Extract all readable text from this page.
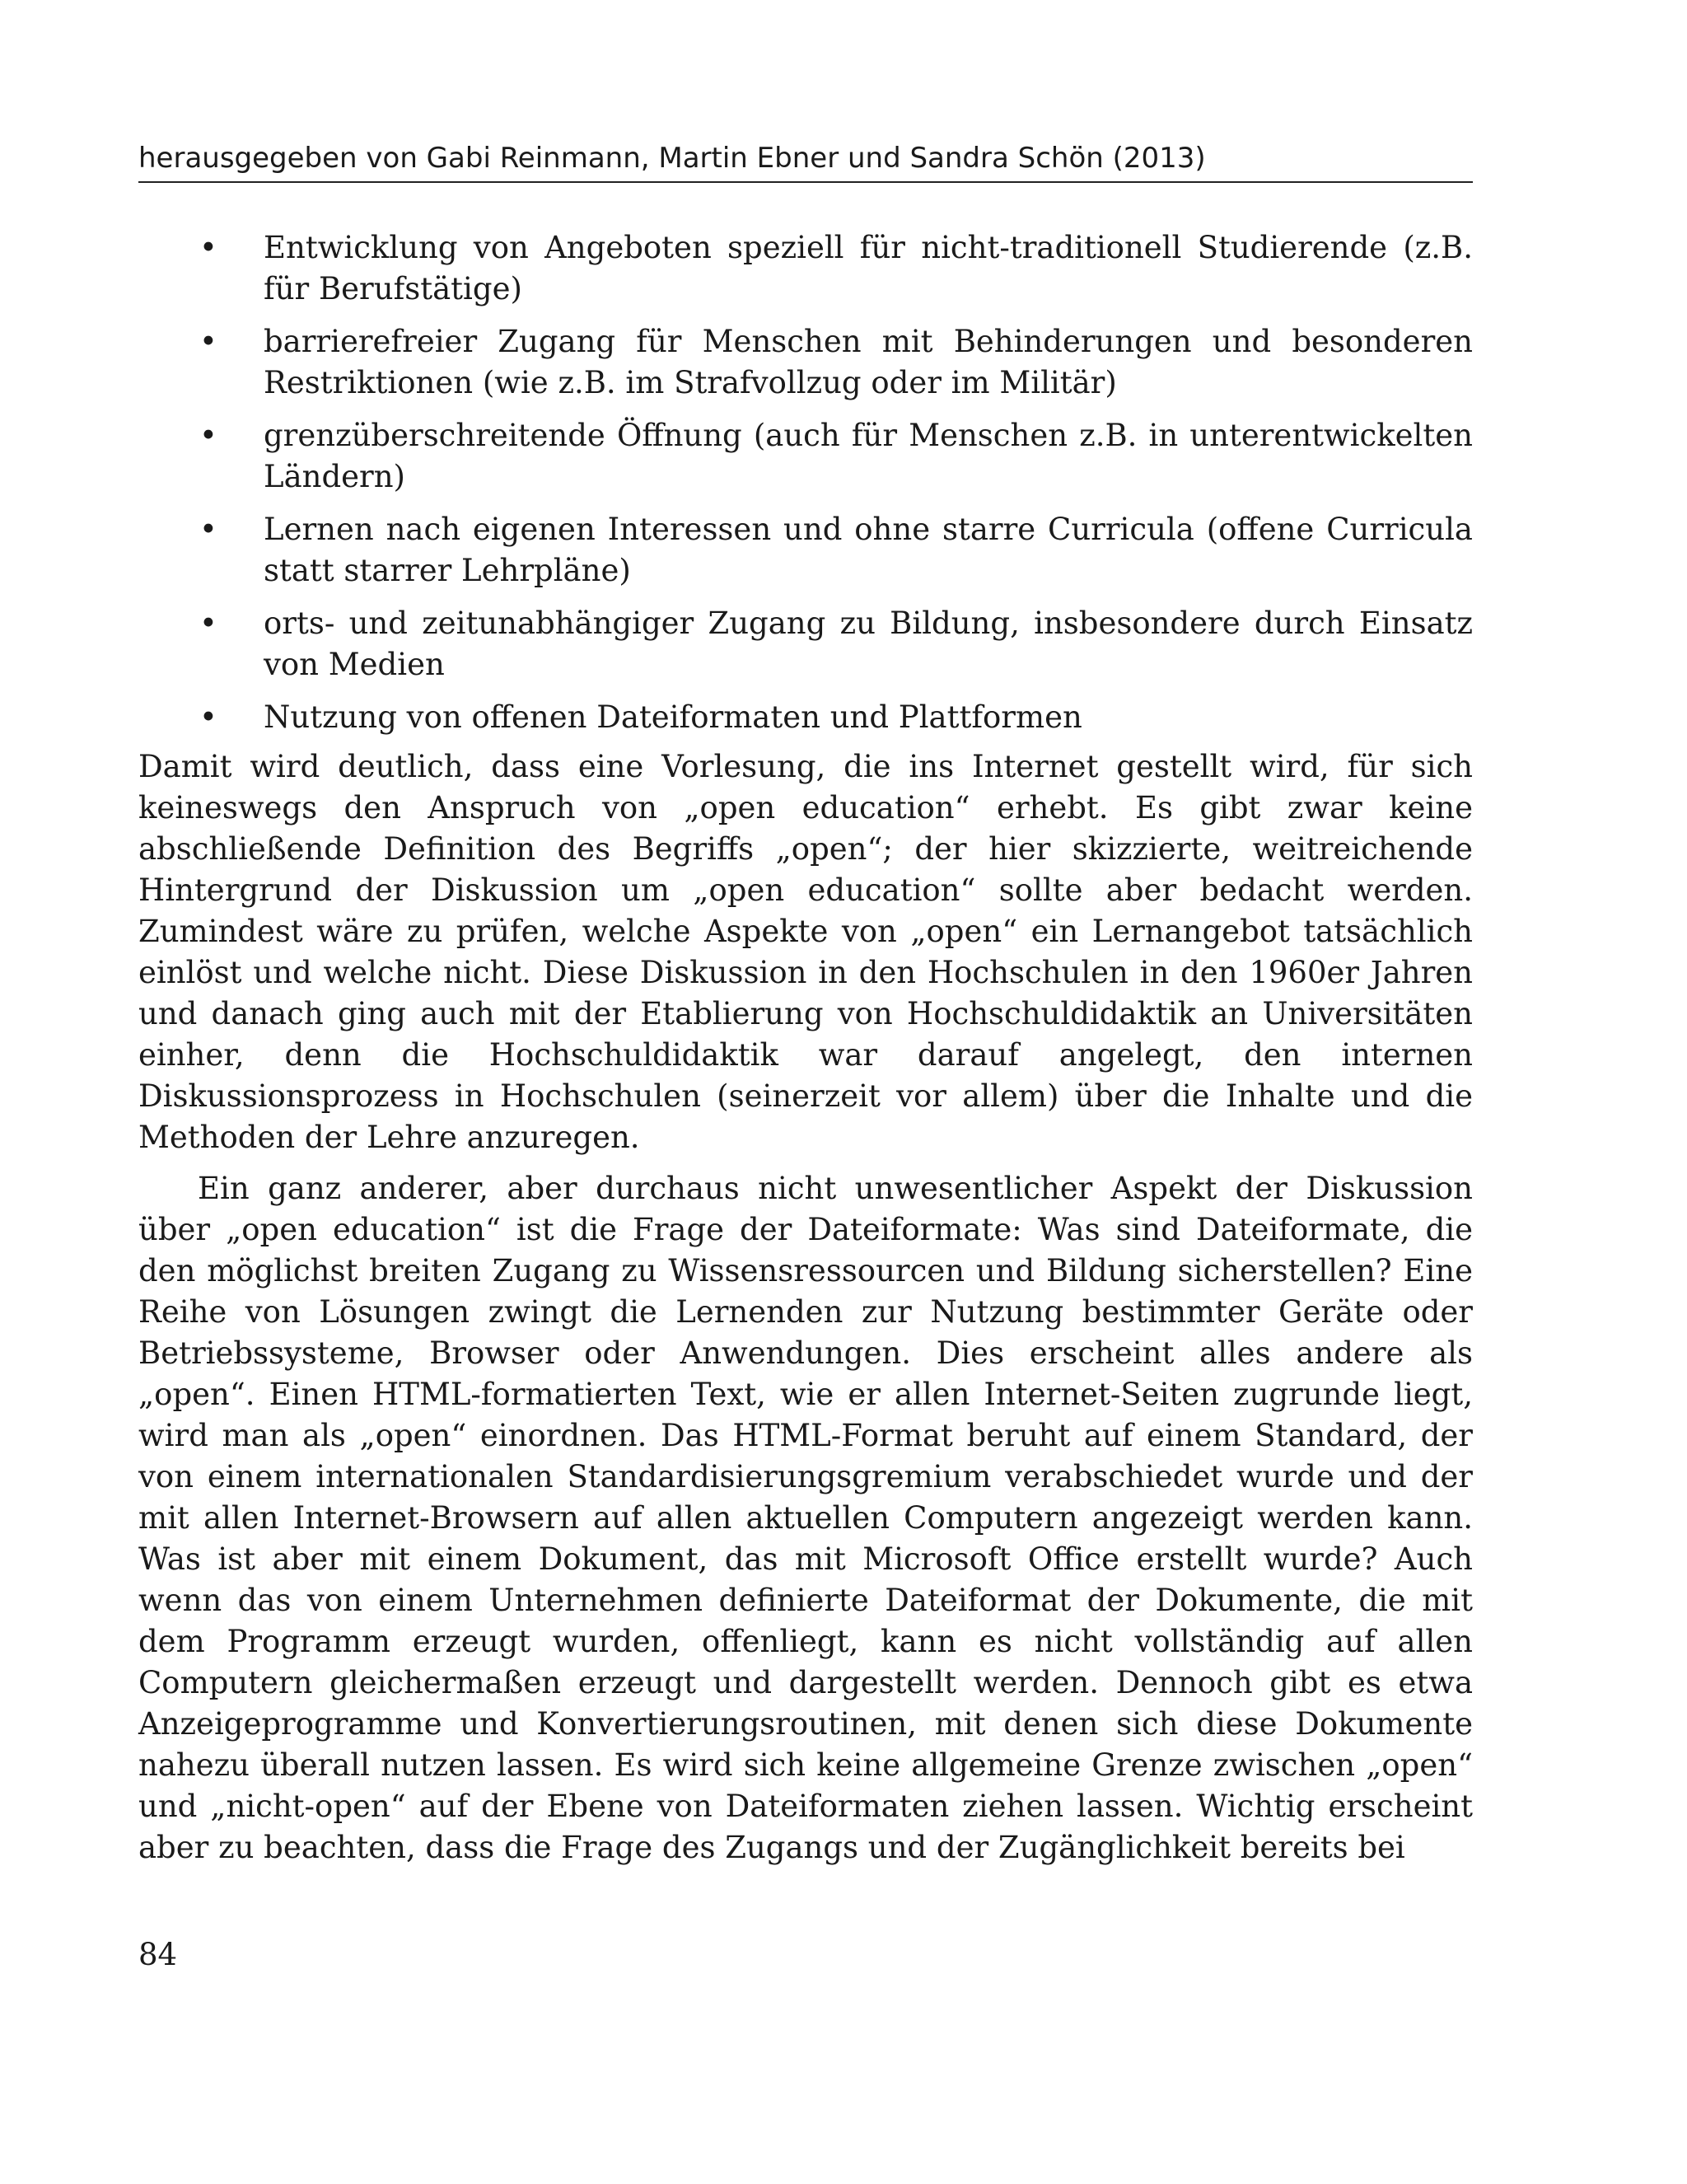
herausgegeben von Gabi Reinmann, Martin Ebner und Sandra Schön (2013)
• Entwicklung von Angeboten speziell für nicht-traditionell Studierende (z.B. für Berufstätige)
• barrierefreier Zugang für Menschen mit Behinderungen und besonderen Restriktionen (wie z.B. im Strafvollzug oder im Militär)
• grenzüberschreitende Öffnung (auch für Menschen z.B. in unterentwickelten Ländern)
• Lernen nach eigenen Interessen und ohne starre Curricula (offene Curricula statt starrer Lehrpläne)
• orts- und zeitunabhängiger Zugang zu Bildung, insbesondere durch Einsatz von Medien
• Nutzung von offenen Dateiformaten und Plattformen

Damit wird deutlich, dass eine Vorlesung, die ins Internet gestellt wird, für sich keineswegs den Anspruch von „open education“ erhebt. Es gibt zwar keine abschließende Definition des Begriffs „open“; der hier skizzierte, weitreichende Hintergrund der Diskussion um „open education“ sollte aber bedacht werden. Zumindest wäre zu prüfen, welche Aspekte von „open“ ein Lernangebot tatsächlich einlöst und welche nicht. Diese Diskussion in den Hochschulen in den 1960er Jahren und danach ging auch mit der Etablierung von Hochschuldidaktik an Universitäten einher, denn die Hochschuldidaktik war darauf angelegt, den internen Diskussionsprozess in Hochschulen (seinerzeit vor allem) über die Inhalte und die Methoden der Lehre anzuregen.

Ein ganz anderer, aber durchaus nicht unwesentlicher Aspekt der Diskussion über „open education“ ist die Frage der Dateiformate: Was sind Dateiformate, die den möglichst breiten Zugang zu Wissensressourcen und Bildung sicherstellen? Eine Reihe von Lösungen zwingt die Lernenden zur Nutzung bestimmter Geräte oder Betriebssysteme, Browser oder Anwendungen. Dies erscheint alles andere als „open“. Einen HTML-formatierten Text, wie er allen Internet-Seiten zugrunde liegt, wird man als „open“ einordnen. Das HTML-Format beruht auf einem Standard, der von einem internationalen Standardisierungsgremium verabschiedet wurde und der mit allen Internet-Browsern auf allen aktuellen Computern angezeigt werden kann. Was ist aber mit einem Dokument, das mit Microsoft Office erstellt wurde? Auch wenn das von einem Unternehmen definierte Dateiformat der Dokumente, die mit dem Programm erzeugt wurden, offenliegt, kann es nicht vollständig auf allen Computern gleichermaßen erzeugt und dargestellt werden. Dennoch gibt es etwa Anzeigeprogramme und Konvertierungsroutinen, mit denen sich diese Dokumente nahezu überall nutzen lassen. Es wird sich keine allgemeine Grenze zwischen „open“ und „nicht-open“ auf der Ebene von Dateiformaten ziehen lassen. Wichtig erscheint aber zu beachten, dass die Frage des Zugangs und der Zugänglichkeit bereits bei

84
